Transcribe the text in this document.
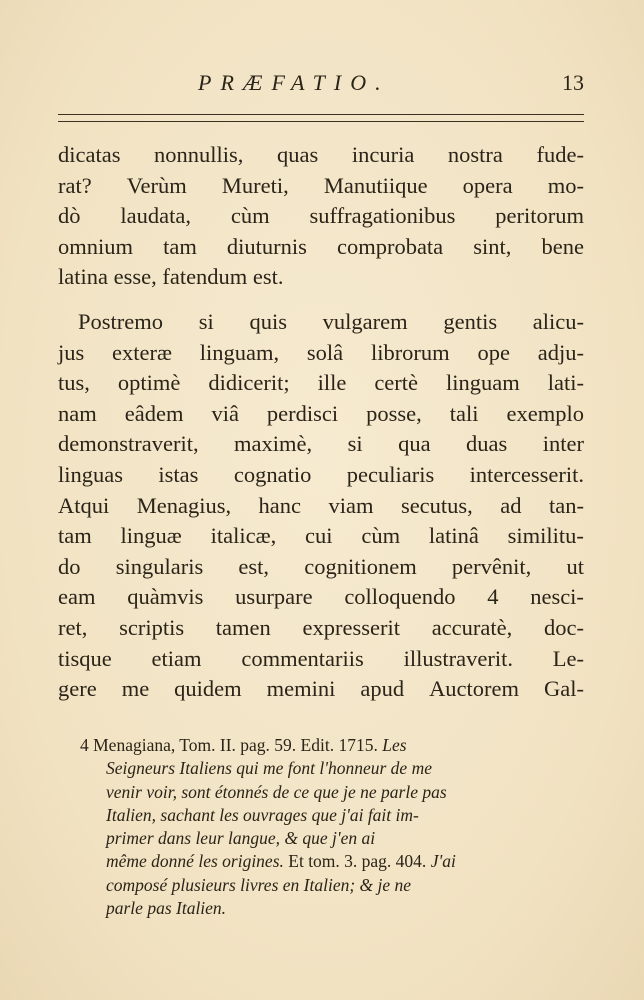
PRÆFATIO.	13
dicatas nonnullis, quas incuria nostra fude-
rat? Verùm Mureti, Manutiique opera mo-
dò laudata, cùm suffragationibus peritorum
omnium tam diuturnis comprobata sint, bene
latina esse, fatendum est.
Postremo si quis vulgarem gentis alicu-
jus exteræ linguam, solâ librorum ope adju-
tus, optimè didicerit; ille certè linguam lati-
nam eâdem viâ perdisci posse, tali exemplo
demonstraverit, maximè, si qua duas inter
linguas istas cognatio peculiaris intercesserit.
Atqui Menagius, hanc viam secutus, ad tan-
tam linguæ italicæ, cui cùm latinâ similitu-
do singularis est, cognitionem pervênit, ut
eam quàmvis usurpare colloquendo 4 nesci-
ret, scriptis tamen expresserit accuratè, doc-
tisque etiam commentariis illustraverit. Le-
gere me quidem memini apud Auctorem Gal-
4 Menagiana, Tom. II. pag. 59. Edit. 1715. Les
Seigneurs Italiens qui me font l'honneur de me
venir voir, sont étonnés de ce que je ne parle pas
Italien, sachant les ouvrages que j'ai fait im-
primer dans leur langue, & que j'en ai
même donné les origines. Et tom. 3. pag. 404. J'ai
composé plusieurs livres en Italien; & je ne
parle pas Italien.
